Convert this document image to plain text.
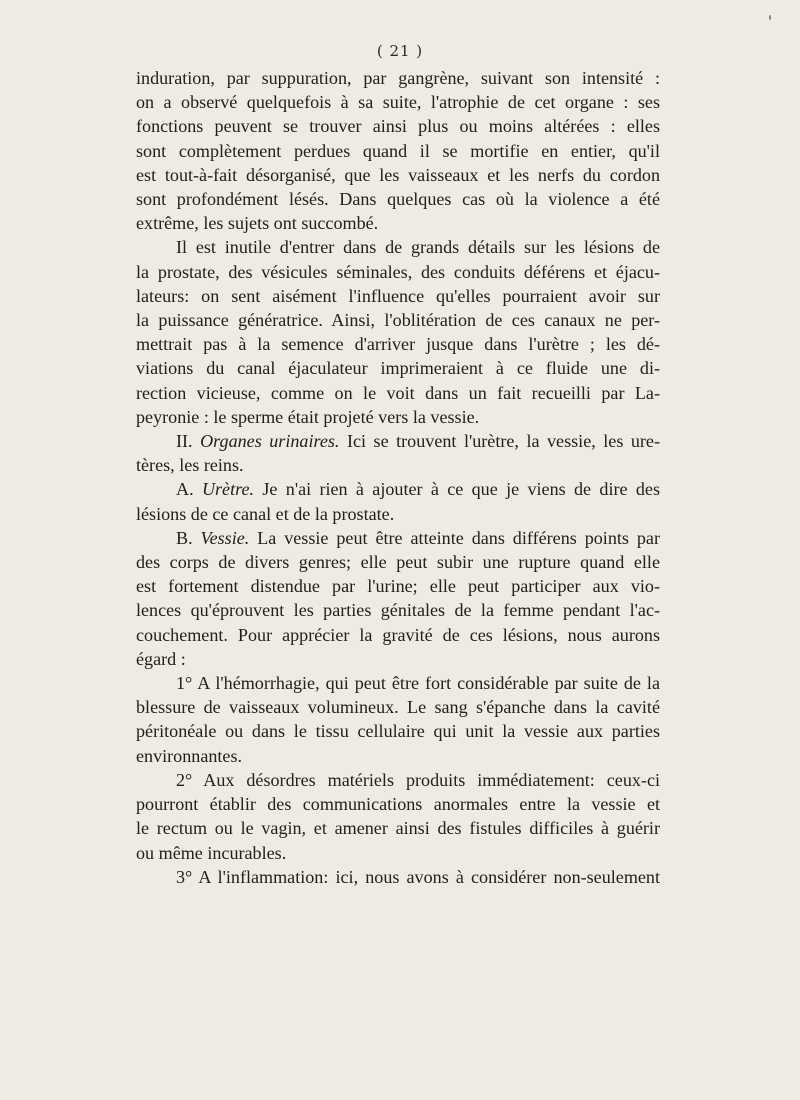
( 21 )
induration, par suppuration, par gangrène, suivant son intensité :
on a observé quelquefois à sa suite, l'atrophie de cet organe : ses
fonctions peuvent se trouver ainsi plus ou moins altérées : elles
sont complètement perdues quand il se mortifie en entier, qu'il
est tout-à-fait désorganisé, que les vaisseaux et les nerfs du cordon
sont profondément lésés. Dans quelques cas où la violence a été
extrême, les sujets ont succombé.
Il est inutile d'entrer dans de grands détails sur les lésions de
la prostate, des vésicules séminales, des conduits déférens et éjacu-
lateurs: on sent aisément l'influence qu'elles pourraient avoir sur
la puissance génératrice. Ainsi, l'oblitération de ces canaux ne per-
mettrait pas à la semence d'arriver jusque dans l'urètre ; les dé-
viations du canal éjaculateur imprimeraient à ce fluide une di-
rection vicieuse, comme on le voit dans un fait recueilli par La-
peyronie : le sperme était projeté vers la vessie.
II. Organes urinaires. Ici se trouvent l'urètre, la vessie, les ure-
tères, les reins.
A. Urètre. Je n'ai rien à ajouter à ce que je viens de dire des
lésions de ce canal et de la prostate.
B. Vessie. La vessie peut être atteinte dans différens points par
des corps de divers genres; elle peut subir une rupture quand elle
est fortement distendue par l'urine; elle peut participer aux vio-
lences qu'éprouvent les parties génitales de la femme pendant l'ac-
couchement. Pour apprécier la gravité de ces lésions, nous aurons
égard :
1° A l'hémorrhagie, qui peut être fort considérable par suite de la
blessure de vaisseaux volumineux. Le sang s'épanche dans la cavité
péritonéale ou dans le tissu cellulaire qui unit la vessie aux parties
environnantes.
2° Aux désordres matériels produits immédiatement: ceux-ci
pourront établir des communications anormales entre la vessie et
le rectum ou le vagin, et amener ainsi des fistules difficiles à guérir
ou même incurables.
3° A l'inflammation: ici, nous avons à considérer non-seulement
